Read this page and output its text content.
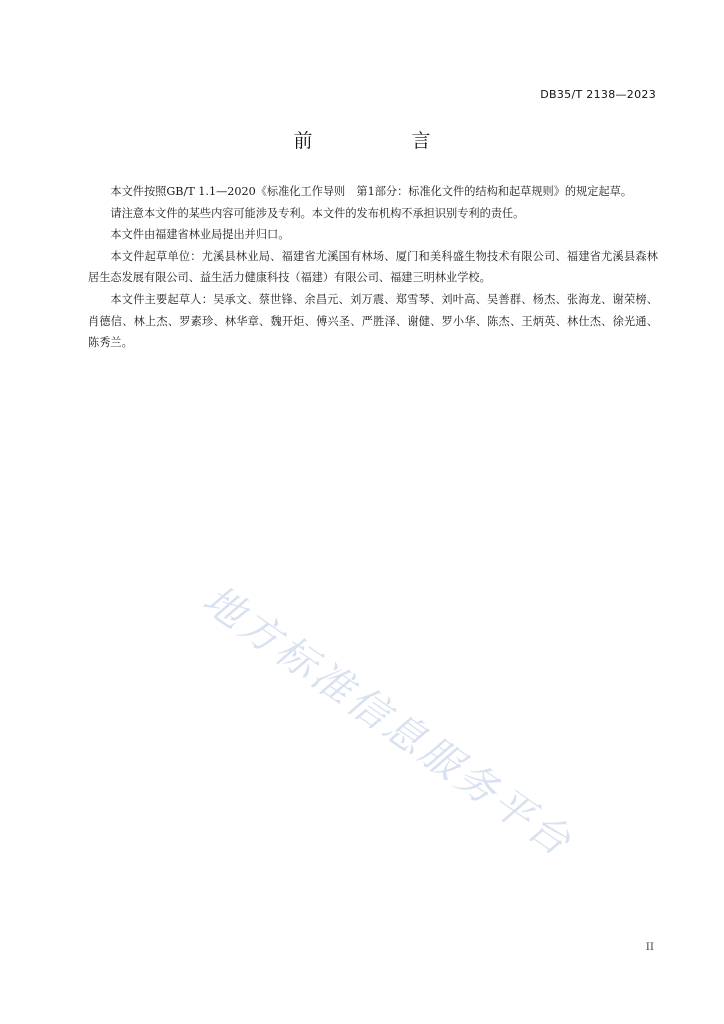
DB35/T 2138—2023
前　言

本文件按照GB/T 1.1—2020《标准化工作导则　第1部分：标准化文件的结构和起草规则》的规定起草。

请注意本文件的某些内容可能涉及专利。本文件的发布机构不承担识别专利的责任。

本文件由福建省林业局提出并归口。

本文件起草单位：尤溪县林业局、福建省尤溪国有林场、厦门和美科盛生物技术有限公司、福建省尤溪县森林居生态发展有限公司、益生活力健康科技（福建）有限公司、福建三明林业学校。

本文件主要起草人：吴承文、蔡世锋、余昌元、刘万震、郑雪琴、刘叶高、吴善群、杨杰、张海龙、谢荣榜、肖德信、林上杰、罗素珍、林华章、魏开炬、傅兴圣、严胜泽、谢健、罗小华、陈杰、王炳英、林仕杰、徐光通、陈秀兰。

地方标准信息服务平台
II
